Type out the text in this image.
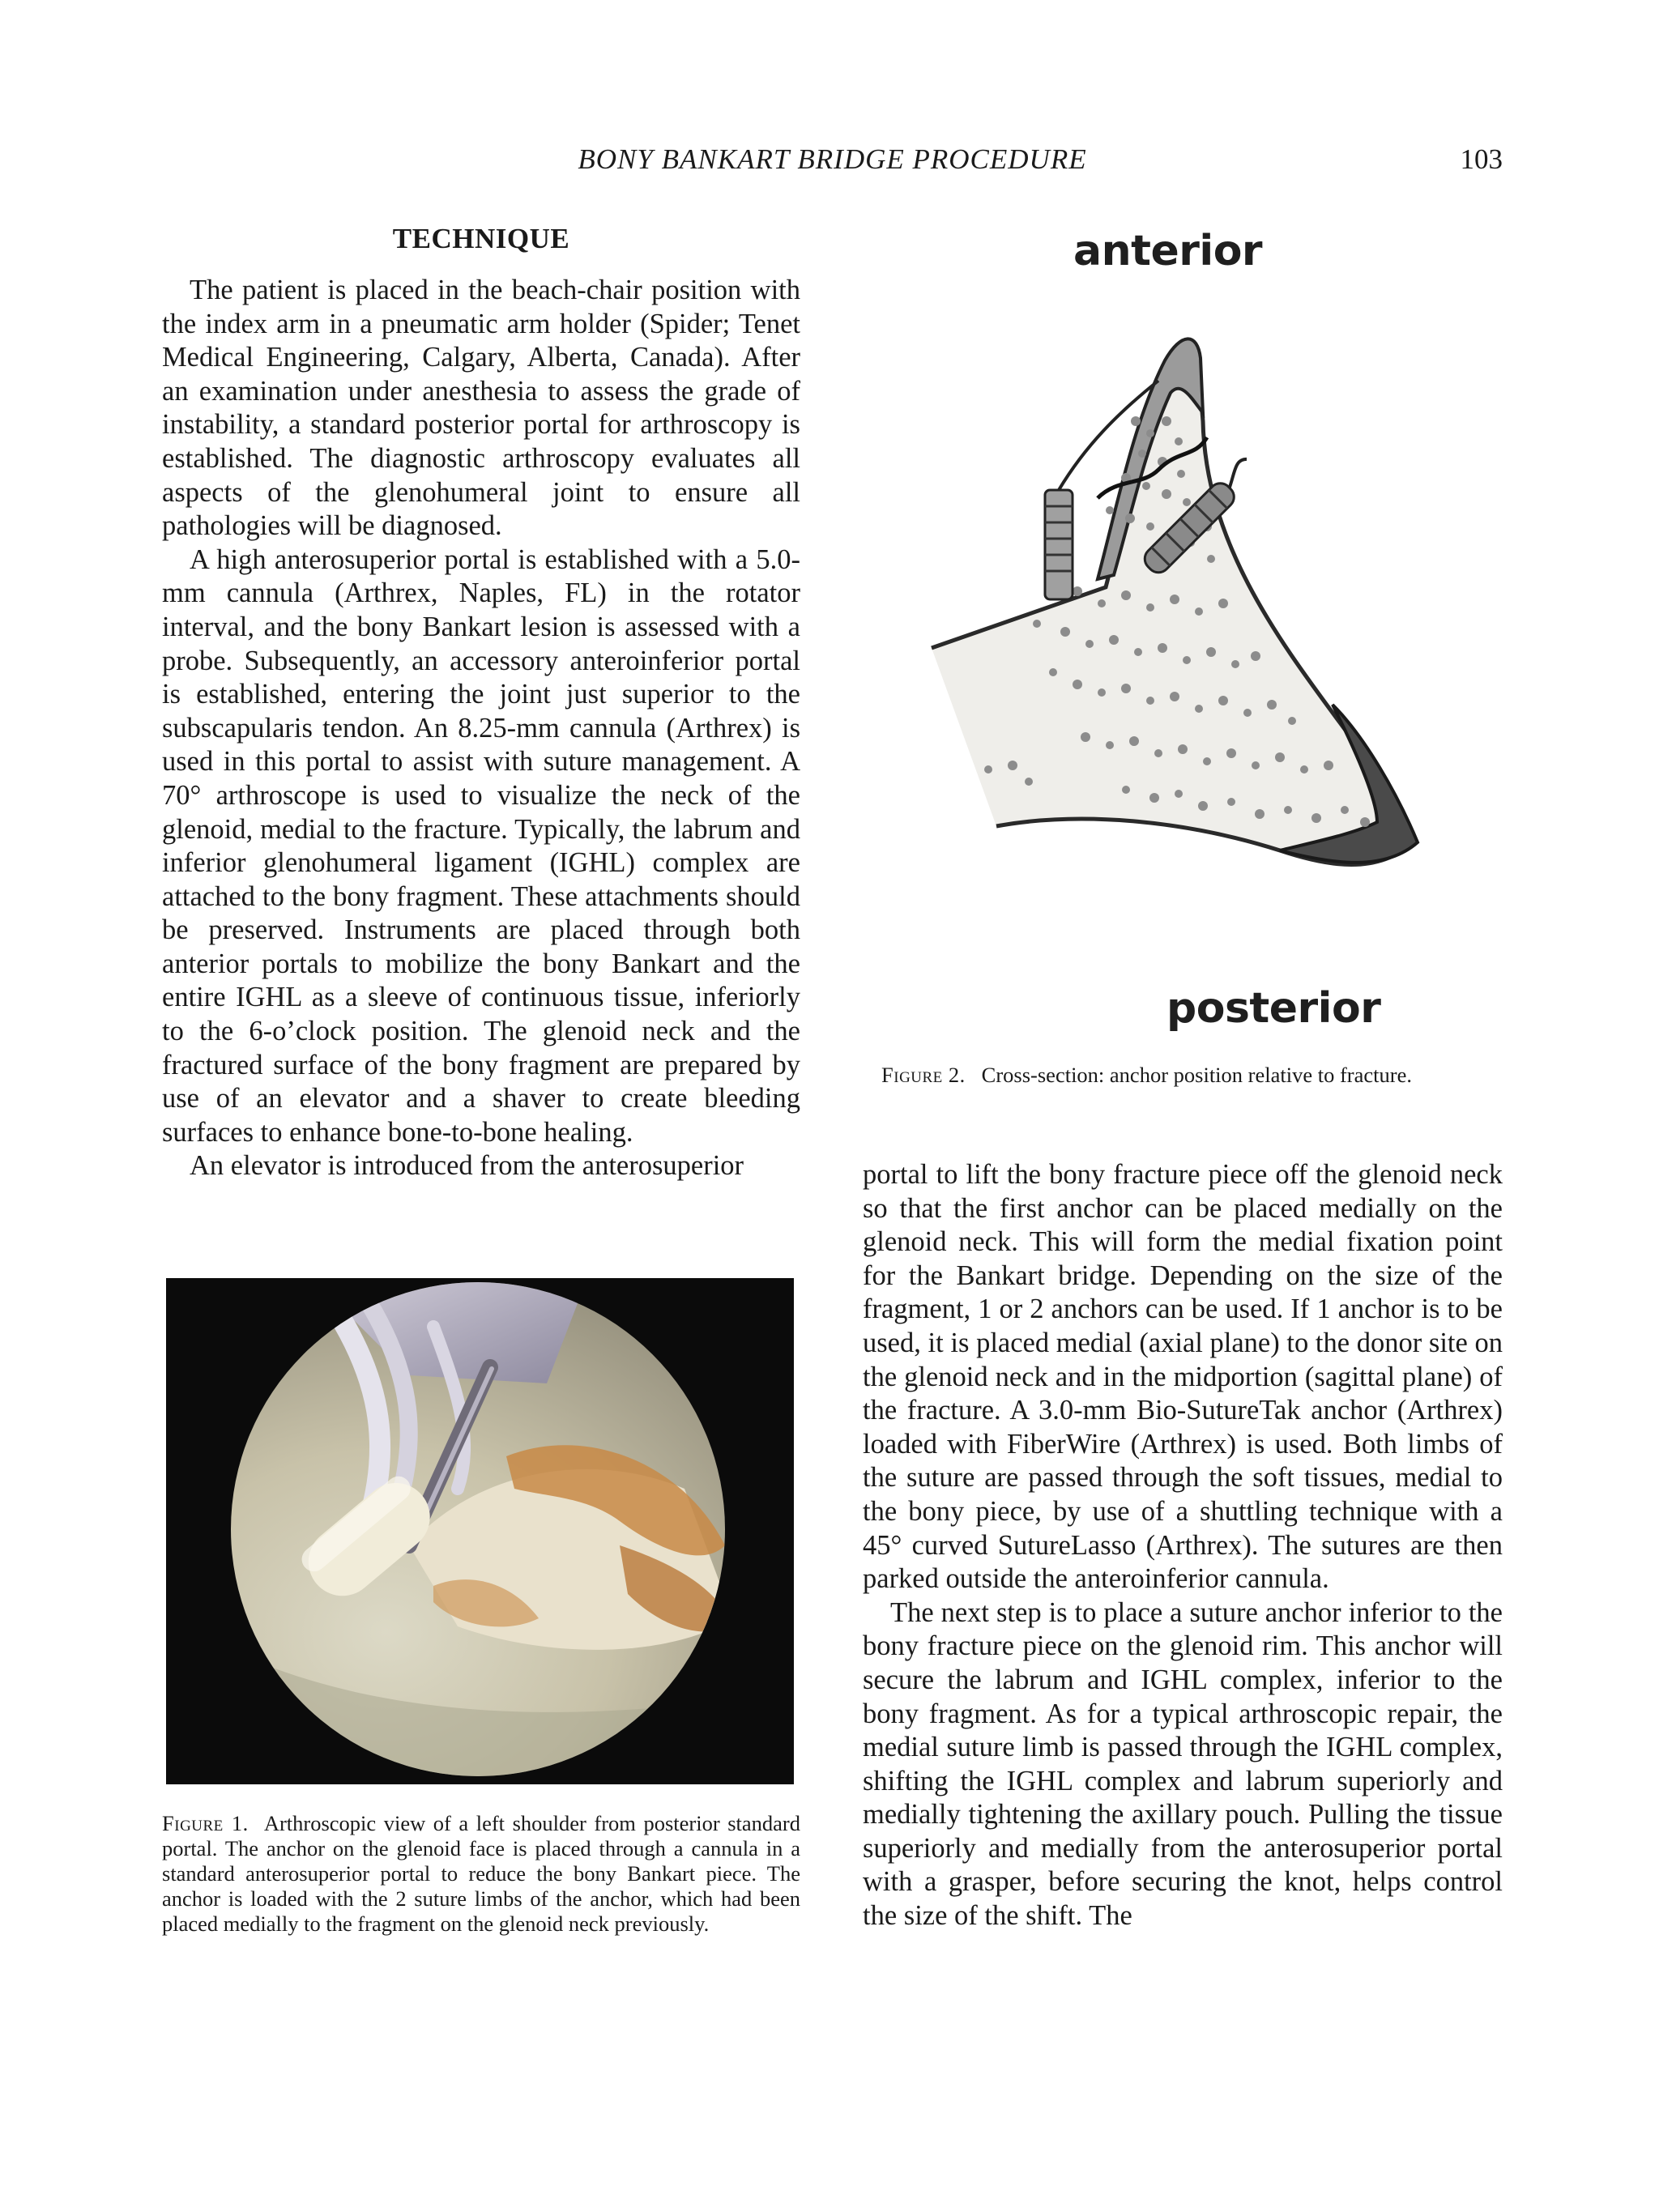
BONY BANKART BRIDGE PROCEDURE	103
TECHNIQUE

The patient is placed in the beach-chair position with the index arm in a pneumatic arm holder (Spider; Tenet Medical Engineering, Calgary, Alberta, Canada). After an examination under anesthesia to assess the grade of instability, a standard posterior portal for arthroscopy is established. The diagnostic arthroscopy evaluates all aspects of the glenohumeral joint to ensure all pathologies will be diagnosed.

A high anterosuperior portal is established with a 5.0-mm cannula (Arthrex, Naples, FL) in the rotator interval, and the bony Bankart lesion is assessed with a probe. Subsequently, an accessory anteroinferior portal is established, entering the joint just superior to the subscapularis tendon. An 8.25-mm cannula (Arthrex) is used in this portal to assist with suture management. A 70° arthroscope is used to visualize the neck of the glenoid, medial to the fracture. Typically, the labrum and inferior glenohumeral ligament (IGHL) complex are attached to the bony fragment. These attachments should be preserved. Instruments are placed through both anterior portals to mobilize the bony Bankart and the entire IGHL as a sleeve of continuous tissue, inferiorly to the 6-o’clock position. The glenoid neck and the fractured surface of the bony fragment are prepared by use of an elevator and a shaver to create bleeding surfaces to enhance bone-to-bone healing.

An elevator is introduced from the anterosuperior

Figure 1. Arthroscopic view of a left shoulder from posterior standard portal. The anchor on the glenoid face is placed through a cannula in a standard anterosuperior portal to reduce the bony Bankart piece. The anchor is loaded with the 2 suture limbs of the anchor, which had been placed medially to the fragment on the glenoid neck previously.
anterior
posterior
Figure 2. Cross-section: anchor position relative to fracture.

portal to lift the bony fracture piece off the glenoid neck so that the first anchor can be placed medially on the glenoid neck. This will form the medial fixation point for the Bankart bridge. Depending on the size of the fragment, 1 or 2 anchors can be used. If 1 anchor is to be used, it is placed medial (axial plane) to the donor site on the glenoid neck and in the midportion (sagittal plane) of the fracture. A 3.0-mm Bio-SutureTak anchor (Arthrex) loaded with FiberWire (Arthrex) is used. Both limbs of the suture are passed through the soft tissues, medial to the bony piece, by use of a shuttling technique with a 45° curved SutureLasso (Arthrex). The sutures are then parked outside the anteroinferior cannula.

The next step is to place a suture anchor inferior to the bony fracture piece on the glenoid rim. This anchor will secure the labrum and IGHL complex, inferior to the bony fragment. As for a typical arthroscopic repair, the medial suture limb is passed through the IGHL complex, shifting the IGHL complex and labrum superiorly and medially tightening the axillary pouch. Pulling the tissue superiorly and medially from the anterosuperior portal with a grasper, before securing the knot, helps control the size of the shift. The
